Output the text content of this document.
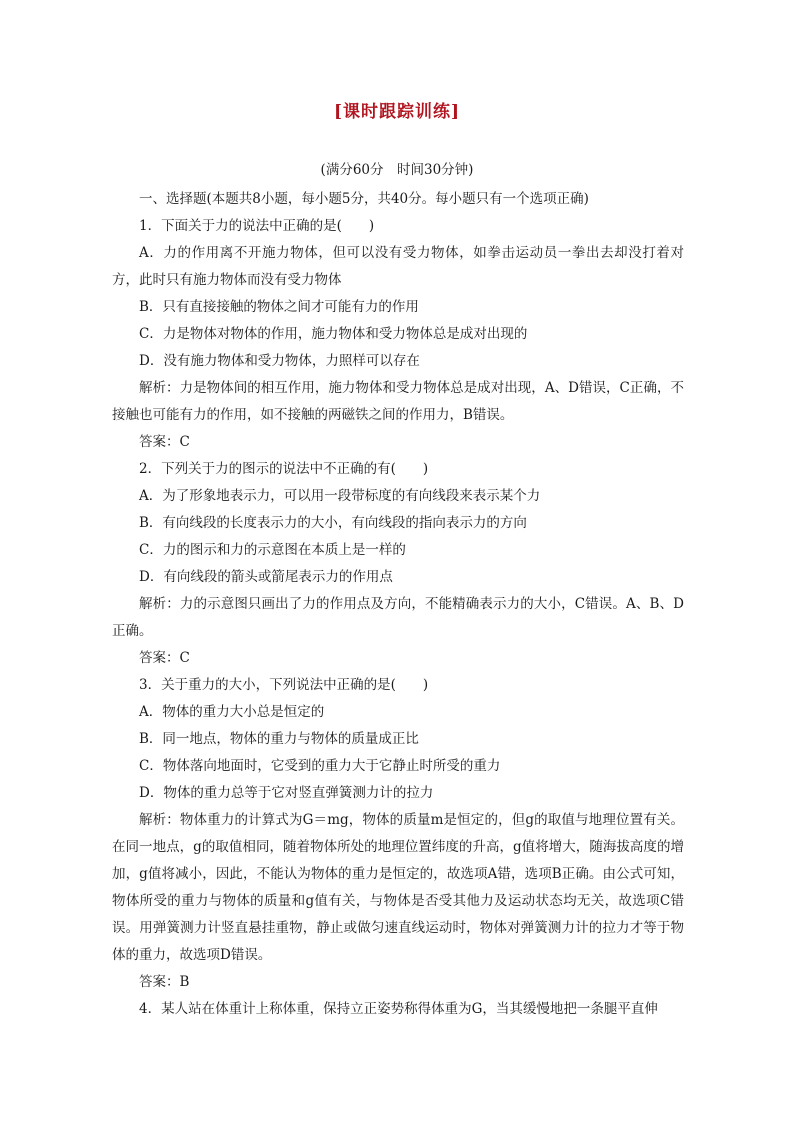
[课时跟踪训练]
(满分60分　时间30分钟)

一、选择题(本题共8小题，每小题5分，共40分。每小题只有一个选项正确)

1．下面关于力的说法中正确的是(　　)

A．力的作用离不开施力物体，但可以没有受力物体，如拳击运动员一拳出去却没打着对方，此时只有施力物体而没有受力物体

B．只有直接接触的物体之间才可能有力的作用

C．力是物体对物体的作用，施力物体和受力物体总是成对出现的

D．没有施力物体和受力物体，力照样可以存在

解析：力是物体间的相互作用，施力物体和受力物体总是成对出现，A、D错误，C正确，不接触也可能有力的作用，如不接触的两磁铁之间的作用力，B错误。

答案：C

2．下列关于力的图示的说法中不正确的有(　　)

A．为了形象地表示力，可以用一段带标度的有向线段来表示某个力

B．有向线段的长度表示力的大小，有向线段的指向表示力的方向

C．力的图示和力的示意图在本质上是一样的

D．有向线段的箭头或箭尾表示力的作用点

解析：力的示意图只画出了力的作用点及方向，不能精确表示力的大小，C错误。A、B、D正确。

答案：C

3．关于重力的大小，下列说法中正确的是(　　)

A．物体的重力大小总是恒定的

B．同一地点，物体的重力与物体的质量成正比

C．物体落向地面时，它受到的重力大于它静止时所受的重力

D．物体的重力总等于它对竖直弹簧测力计的拉力

解析：物体重力的计算式为G＝mg，物体的质量m是恒定的，但g的取值与地理位置有关。在同一地点，g的取值相同，随着物体所处的地理位置纬度的升高，g值将增大，随海拔高度的增加，g值将减小，因此，不能认为物体的重力是恒定的，故选项A错，选项B正确。由公式可知，物体所受的重力与物体的质量和g值有关，与物体是否受其他力及运动状态均无关，故选项C错误。用弹簧测力计竖直悬挂重物，静止或做匀速直线运动时，物体对弹簧测力计的拉力才等于物体的重力，故选项D错误。

答案：B

4．某人站在体重计上称体重，保持立正姿势称得体重为G，当其缓慢地把一条腿平直伸
